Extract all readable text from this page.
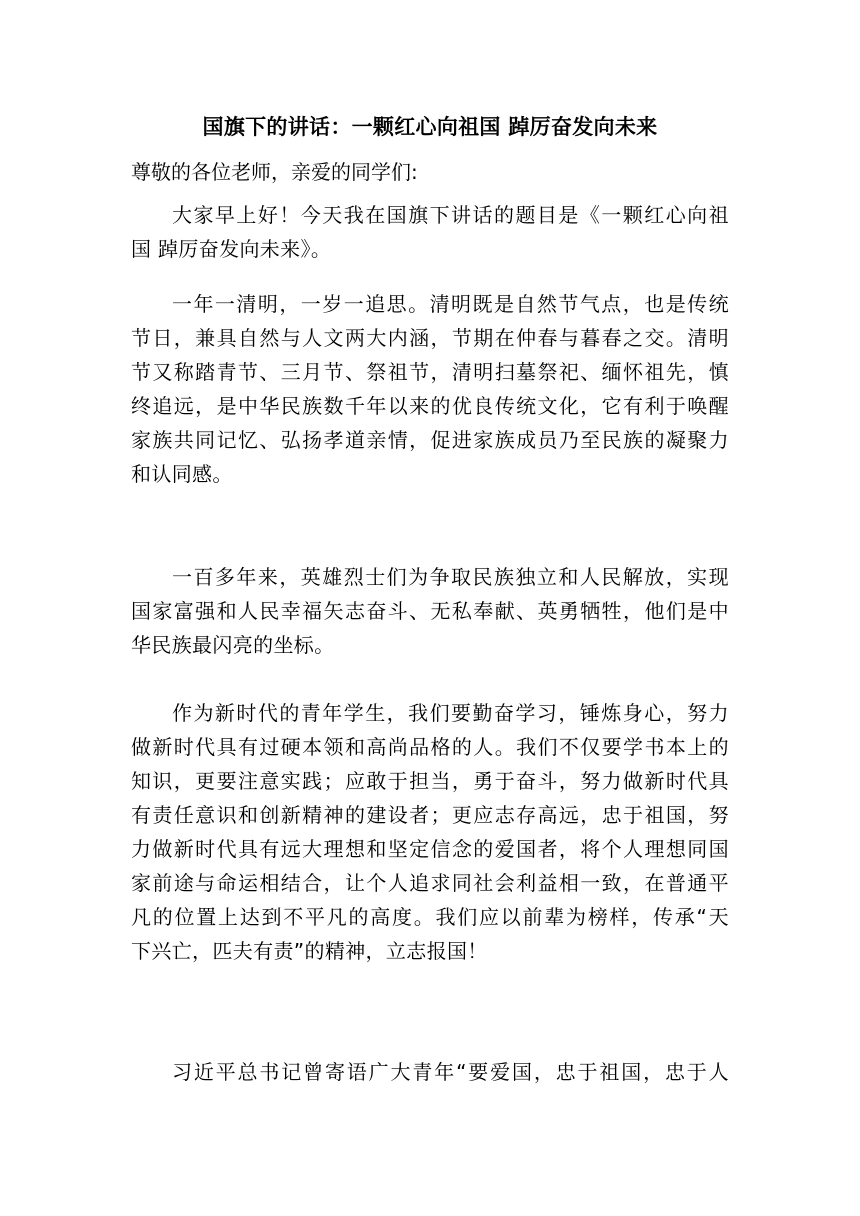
国旗下的讲话：一颗红心向祖国 踔厉奋发向未来
尊敬的各位老师，亲爱的同学们:
大家早上好！今天我在国旗下讲话的题目是《一颗红心向祖
国 踔厉奋发向未来》。
一年一清明，一岁一追思。清明既是自然节气点，也是传统
节日，兼具自然与人文两大内涵，节期在仲春与暮春之交。清明
节又称踏青节、三月节、祭祖节，清明扫墓祭祀、缅怀祖先，慎
终追远，是中华民族数千年以来的优良传统文化，它有利于唤醒
家族共同记忆、弘扬孝道亲情，促进家族成员乃至民族的凝聚力
和认同感。
一百多年来，英雄烈士们为争取民族独立和人民解放，实现
国家富强和人民幸福矢志奋斗、无私奉献、英勇牺牲，他们是中
华民族最闪亮的坐标。
作为新时代的青年学生，我们要勤奋学习，锤炼身心，努力
做新时代具有过硬本领和高尚品格的人。我们不仅要学书本上的
知识，更要注意实践；应敢于担当，勇于奋斗，努力做新时代具
有责任意识和创新精神的建设者；更应志存高远，忠于祖国，努
力做新时代具有远大理想和坚定信念的爱国者，将个人理想同国
家前途与命运相结合，让个人追求同社会利益相一致，在普通平
凡的位置上达到不平凡的高度。我们应以前辈为榜样，传承“天
下兴亡，匹夫有责”的精神，立志报国！
习近平总书记曾寄语广大青年“要爱国，忠于祖国，忠于人
